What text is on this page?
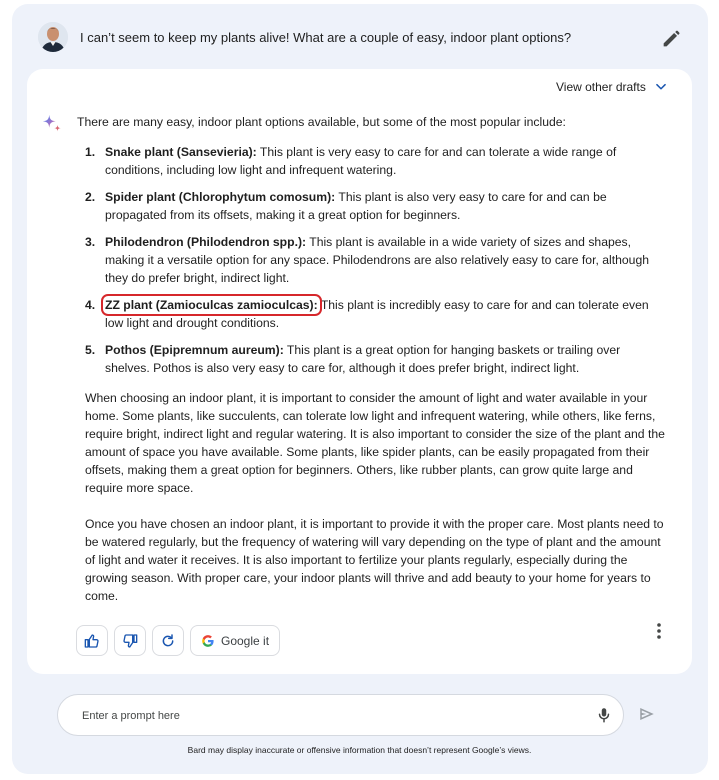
I can’t seem to keep my plants alive! What are a couple of easy, indoor plant options?
View other drafts
There are many easy, indoor plant options available, but some of the most popular include:
1. Snake plant (Sansevieria): This plant is very easy to care for and can tolerate a wide range of conditions, including low light and infrequent watering.
2. Spider plant (Chlorophytum comosum): This plant is also very easy to care for and can be propagated from its offsets, making it a great option for beginners.
3. Philodendron (Philodendron spp.): This plant is available in a wide variety of sizes and shapes, making it a versatile option for any space. Philodendrons are also relatively easy to care for, although they do prefer bright, indirect light.
4. ZZ plant (Zamioculcas zamioculcas): This plant is incredibly easy to care for and can tolerate even low light and drought conditions.
5. Pothos (Epipremnum aureum): This plant is a great option for hanging baskets or trailing over shelves. Pothos is also very easy to care for, although it does prefer bright, indirect light.

When choosing an indoor plant, it is important to consider the amount of light and water available in your home. Some plants, like succulents, can tolerate low light and infrequent watering, while others, like ferns, require bright, indirect light and regular watering. It is also important to consider the size of the plant and the amount of space you have available. Some plants, like spider plants, can be easily propagated from their offsets, making them a great option for beginners. Others, like rubber plants, can grow quite large and require more space.

Once you have chosen an indoor plant, it is important to provide it with the proper care. Most plants need to be watered regularly, but the frequency of watering will vary depending on the type of plant and the amount of light and water it receives. It is also important to fertilize your plants regularly, especially during the growing season. With proper care, your indoor plants will thrive and add beauty to your home for years to come.

Google it
Enter a prompt here
Bard may display inaccurate or offensive information that doesn’t represent Google’s views.
